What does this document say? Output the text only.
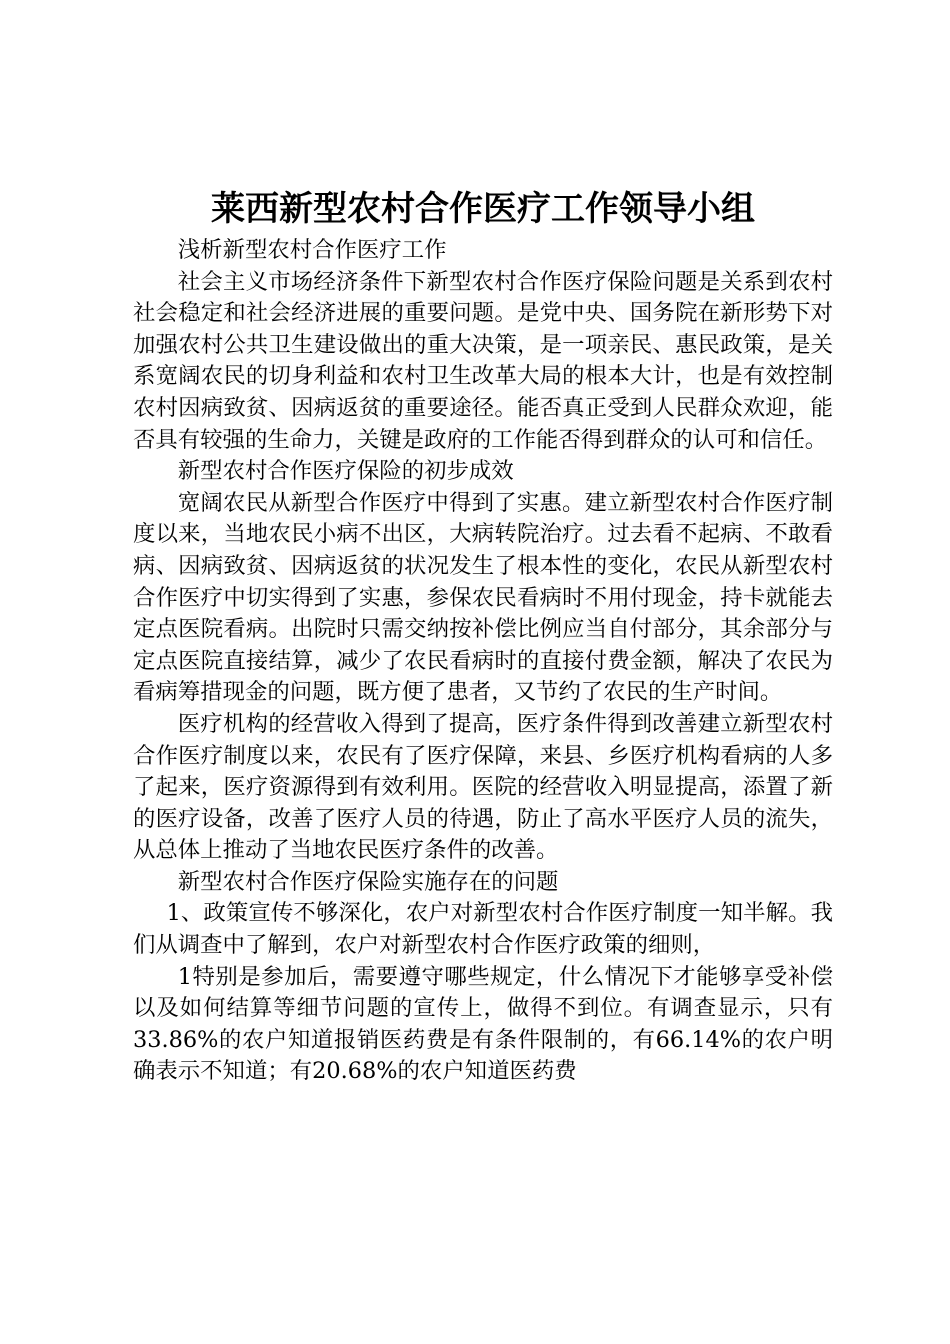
莱西新型农村合作医疗工作领导小组

浅析新型农村合作医疗工作

社会主义市场经济条件下新型农村合作医疗保险问题是关系到农村社会稳定和社会经济进展的重要问题。是党中央、国务院在新形势下对加强农村公共卫生建设做出的重大决策，是一项亲民、惠民政策，是关系宽阔农民的切身利益和农村卫生改革大局的根本大计，也是有效控制农村因病致贫、因病返贫的重要途径。能否真正受到人民群众欢迎，能否具有较强的生命力，关键是政府的工作能否得到群众的认可和信任。

新型农村合作医疗保险的初步成效

宽阔农民从新型合作医疗中得到了实惠。建立新型农村合作医疗制度以来，当地农民小病不出区，大病转院治疗。过去看不起病、不敢看病、因病致贫、因病返贫的状况发生了根本性的变化，农民从新型农村合作医疗中切实得到了实惠，参保农民看病时不用付现金，持卡就能去定点医院看病。出院时只需交纳按补偿比例应当自付部分，其余部分与定点医院直接结算，减少了农民看病时的直接付费金额，解决了农民为看病筹措现金的问题，既方便了患者，又节约了农民的生产时间。

医疗机构的经营收入得到了提高，医疗条件得到改善建立新型农村合作医疗制度以来，农民有了医疗保障，来县、乡医疗机构看病的人多了起来，医疗资源得到有效利用。医院的经营收入明显提高，添置了新的医疗设备，改善了医疗人员的待遇，防止了高水平医疗人员的流失，从总体上推动了当地农民医疗条件的改善。

新型农村合作医疗保险实施存在的问题

1、政策宣传不够深化，农户对新型农村合作医疗制度一知半解。我们从调查中了解到，农户对新型农村合作医疗政策的细则，

1特别是参加后，需要遵守哪些规定，什么情况下才能够享受补偿以及如何结算等细节问题的宣传上，做得不到位。有调查显示，只有33.86%的农户知道报销医药费是有条件限制的，有66.14%的农户明确表示不知道；有20.68%的农户知道医药费
